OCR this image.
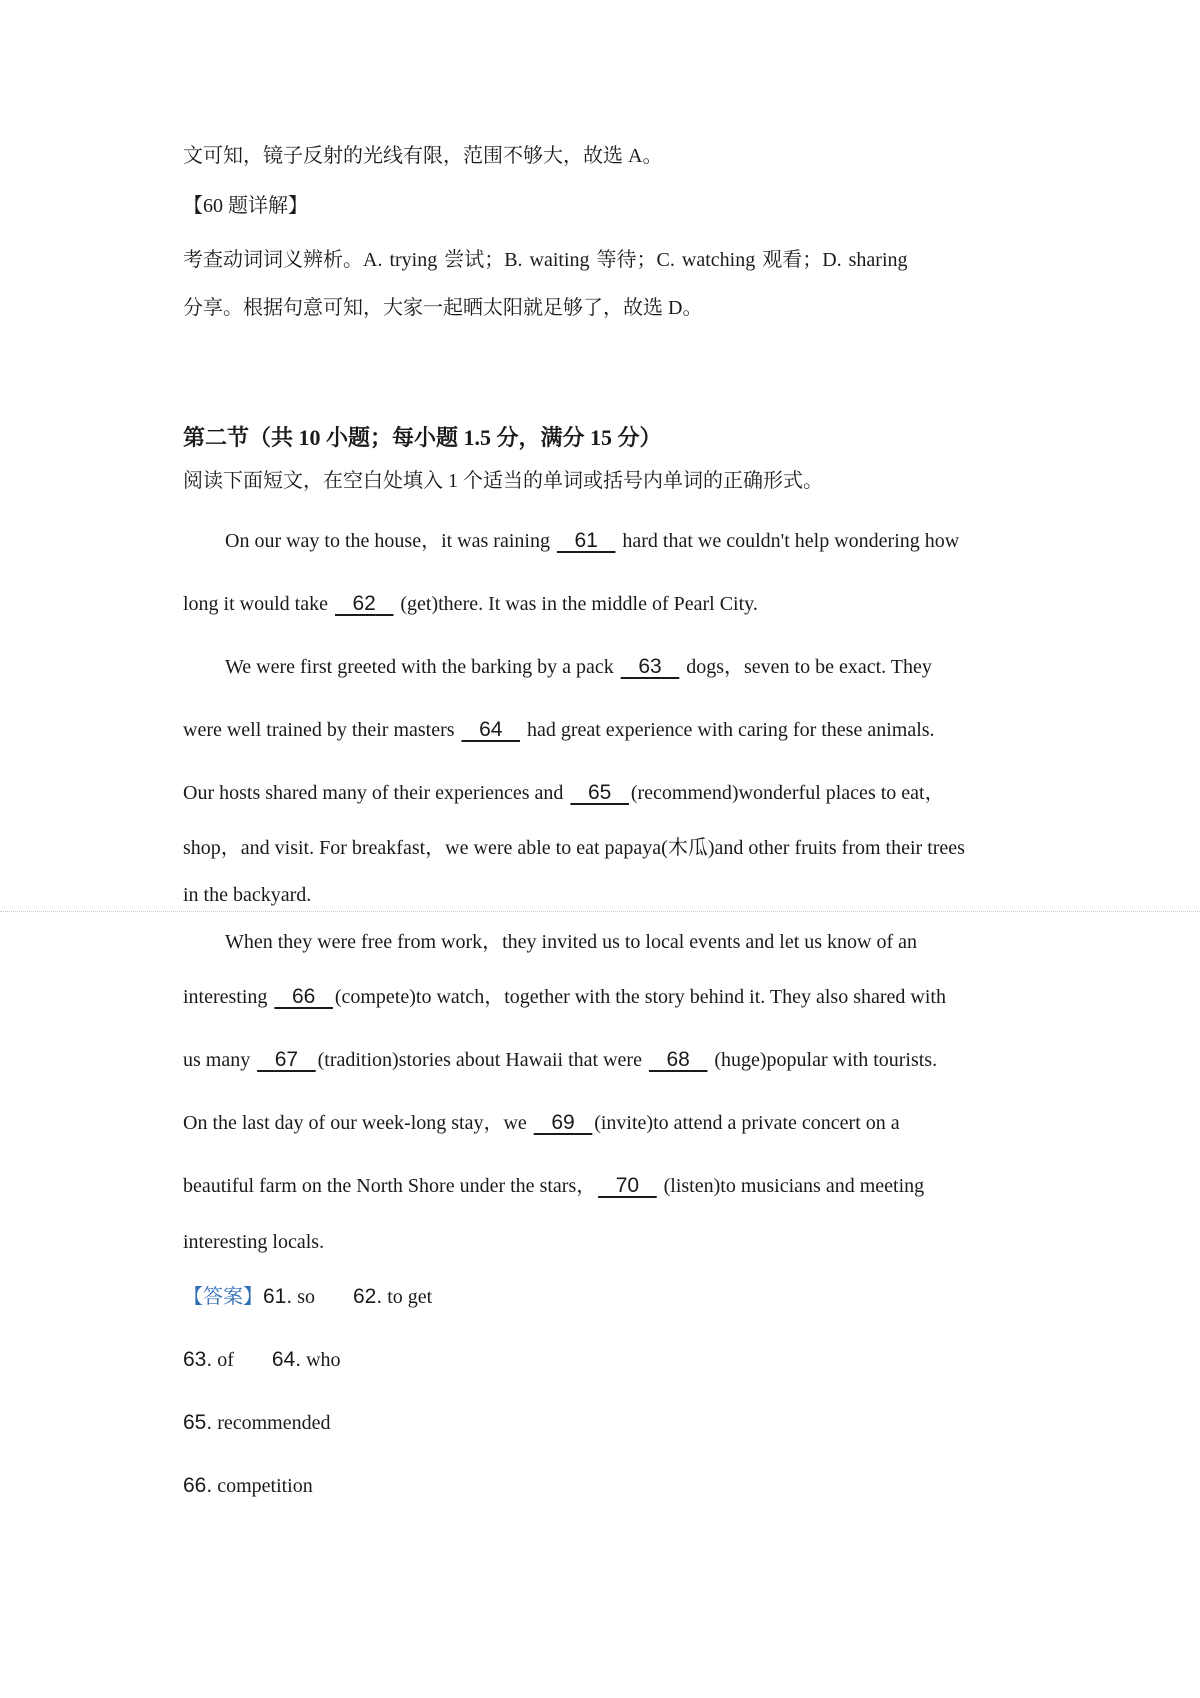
文可知，镜子反射的光线有限，范围不够大，故选 A。
【60 题详解】
考查动词词义辨析。A. trying 尝试；B. waiting 等待；C. watching 观看；D. sharing
分享。根据句意可知，大家一起晒太阳就足够了，故选 D。
第二节（共 10 小题；每小题 1.5 分，满分 15 分）
阅读下面短文，在空白处填入 1 个适当的单词或括号内单词的正确形式。
On our way to the house，it was raining 61 hard that we couldn't help wondering how
long it would take 62 (get)there. It was in the middle of Pearl City.
We were first greeted with the barking by a pack 63 dogs，seven to be exact. They
were well trained by their masters 64 had great experience with caring for these animals.
Our hosts shared many of their experiences and 65 (recommend)wonderful places to eat，
shop，and visit. For breakfast，we were able to eat papaya(木瓜)and other fruits from their trees
in the backyard.
When they were free from work，they invited us to local events and let us know of an
interesting 66 (compete)to watch，together with the story behind it. They also shared with
us many 67 (tradition)stories about Hawaii that were 68 (huge)popular with tourists.
On the last day of our week-long stay，we 69 (invite)to attend a private concert on a
beautiful farm on the North Shore under the stars， 70 (listen)to musicians and meeting
interesting locals.
【答案】61. so 62. to get
63. of 64. who
65. recommended
66. competition
